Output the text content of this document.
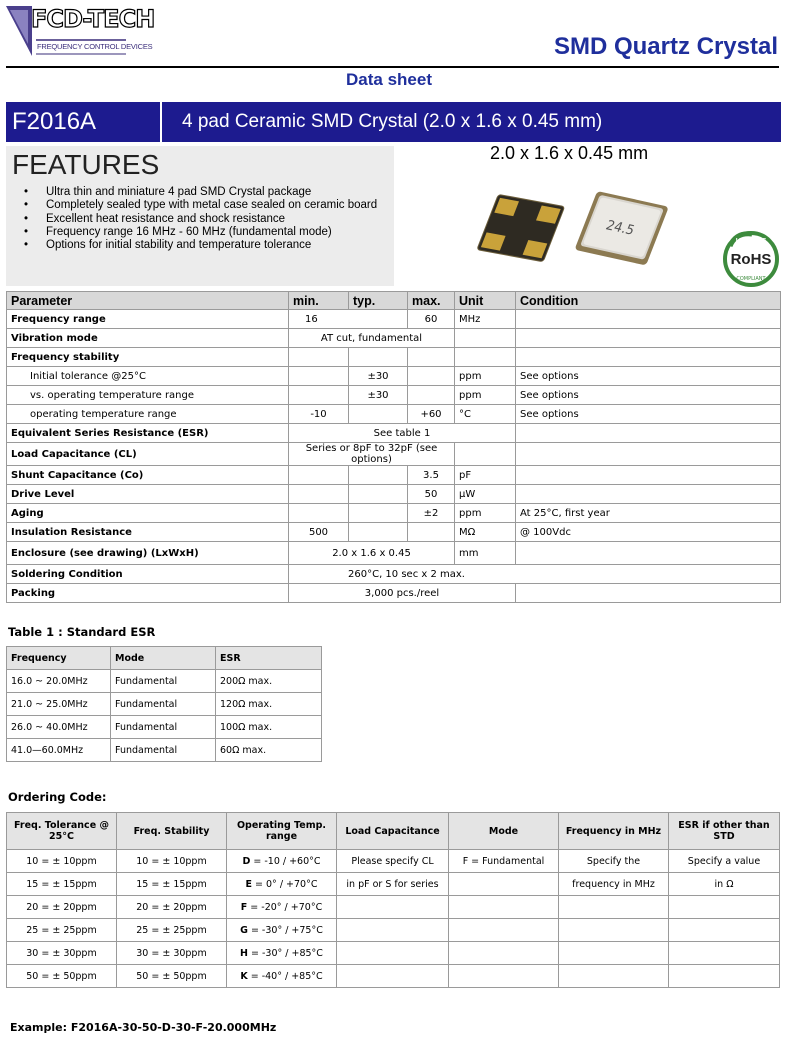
FCD-TECH
FREQUENCY CONTROL DEVICES	SMD Quartz Crystal
Data sheet
F2016A	4 pad Ceramic SMD Crystal (2.0 x 1.6 x 0.45 mm)
FEATURES
• Ultra thin and miniature 4 pad SMD Crystal package
• Completely sealed type with metal case sealed on ceramic board
• Excellent heat resistance and shock resistance
• Frequency range 16 MHz - 60 MHz (fundamental mode)
• Options for initial stability and temperature tolerance
2.0 x 1.6 x 0.45 mm
24.5
LEAD FREE
RoHS
COMPLIANT
Parameter	min.	typ.	max.	Unit	Condition
Frequency range	16		60	MHz	
Vibration mode	AT cut, fundamental				
Frequency stability					
Initial tolerance @25°C		±30		ppm	See options
vs. operating temperature range		±30		ppm	See options
operating temperature range	-10		+60	°C	See options
Equivalent Series Resistance (ESR)	See table 1				
Load Capacitance (CL)	Series or 8pF to 32pF (see options)				
Shunt Capacitance (Co)			3.5	pF	
Drive Level			50	µW	
Aging			±2	ppm	At 25°C, first year
Insulation Resistance	500			MΩ	@ 100Vdc
Enclosure (see drawing) (LxWxH)	2.0 x 1.6 x 0.45			mm	
Soldering Condition	260°C, 10 sec x 2 max.				
Packing	3,000 pcs./reel				
Table 1 : Standard ESR
Frequency	Mode	ESR
16.0 ~ 20.0MHz	Fundamental	200Ω max.
21.0 ~ 25.0MHz	Fundamental	120Ω max.
26.0 ~ 40.0MHz	Fundamental	100Ω max.
41.0—60.0MHz	Fundamental	60Ω max.
Ordering Code:
Freq. Tolerance @ 25°C	Freq. Stability	Operating Temp. range	Load Capacitance	Mode	Frequency in MHz	ESR if other than STD
10 = ± 10ppm	10 = ± 10ppm	D = -10 / +60°C	Please specify CL	F = Fundamental	Specify the	Specify a value
15 = ± 15ppm	15 = ± 15ppm	E = 0° / +70°C	in pF or S for series		frequency in MHz	in Ω
20 = ± 20ppm	20 = ± 20ppm	F = -20° / +70°C				
25 = ± 25ppm	25 = ± 25ppm	G = -30° / +75°C				
30 = ± 30ppm	30 = ± 30ppm	H = -30° / +85°C				
50 = ± 50ppm	50 = ± 50ppm	K = -40° / +85°C				
Example: F2016A-30-50-D-30-F-20.000MHz
